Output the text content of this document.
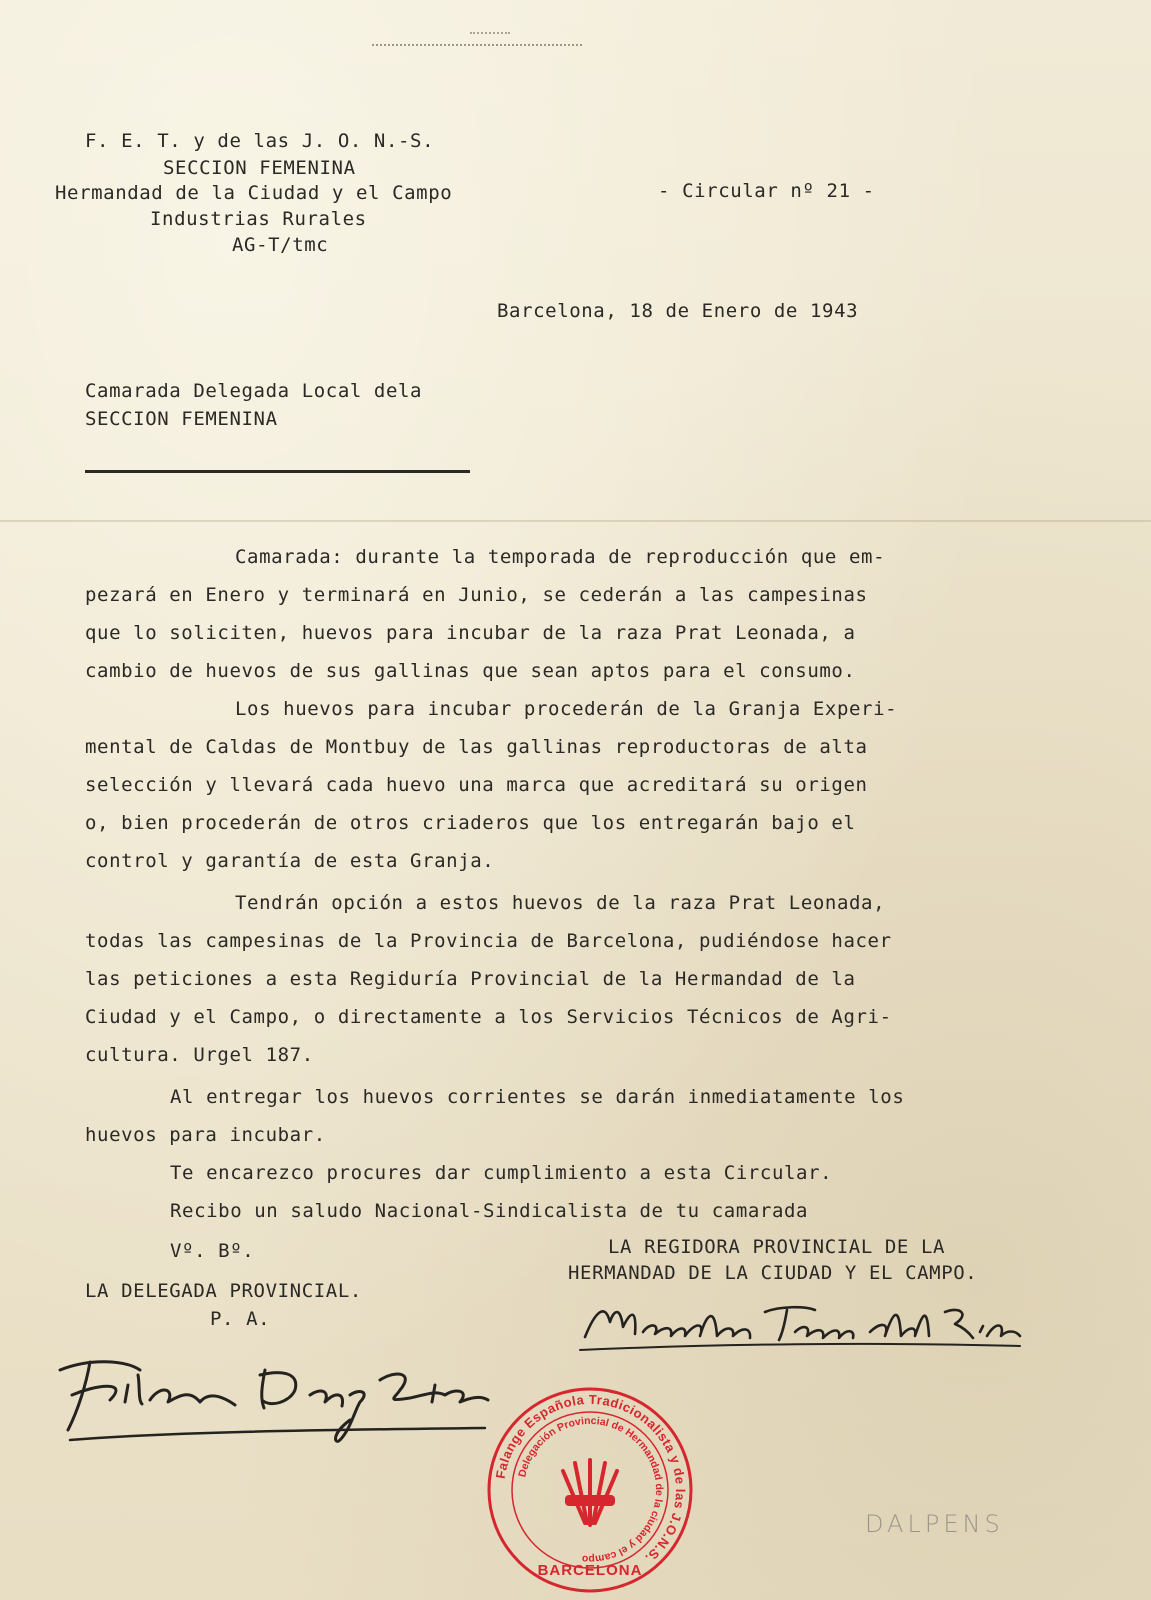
F. E. T. y de las J. O. N.-S.
SECCION FEMENINA
Hermandad de la Ciudad y el Campo
Industrias Rurales
AG-T/tmc
- Circular nº 21 -
Barcelona, 18 de Enero de 1943
Camarada Delegada Local dela
SECCION FEMENINA
Camarada: durante la temporada de reproducción que em-
pezará en Enero y terminará en Junio, se cederán a las campesinas
que lo soliciten, huevos para incubar de la raza Prat Leonada, a
cambio de huevos de sus gallinas que sean aptos para el consumo.
Los huevos para incubar procederán de la Granja Experi-
mental de Caldas de Montbuy de las gallinas reproductoras de alta
selección y llevará cada huevo una marca que acreditará su origen
o, bien procederán de otros criaderos que los entregarán bajo el
control y garantía de esta Granja.
Tendrán opción a estos huevos de la raza Prat Leonada,
todas las campesinas de la Provincia de Barcelona, pudiéndose hacer
las peticiones a esta Regiduría Provincial de la Hermandad de la
Ciudad y el Campo, o directamente a los Servicios Técnicos de Agri-
cultura. Urgel 187.
Al entregar los huevos corrientes se darán inmediatamente los
huevos para incubar.
Te encarezco procures dar cumplimiento a esta Circular.
Recibo un saludo Nacional-Sindicalista de tu camarada
Vº. Bº.
LA DELEGADA PROVINCIAL.
P. A.
LA REGIDORA PROVINCIAL DE LA
HERMANDAD DE LA CIUDAD Y EL CAMPO.
Falange Española Tradicionalista y de las J.O.N.S.
Delegación Provincial de Hermandad de la ciudad y el campo
BARCELONA
DALPENS
